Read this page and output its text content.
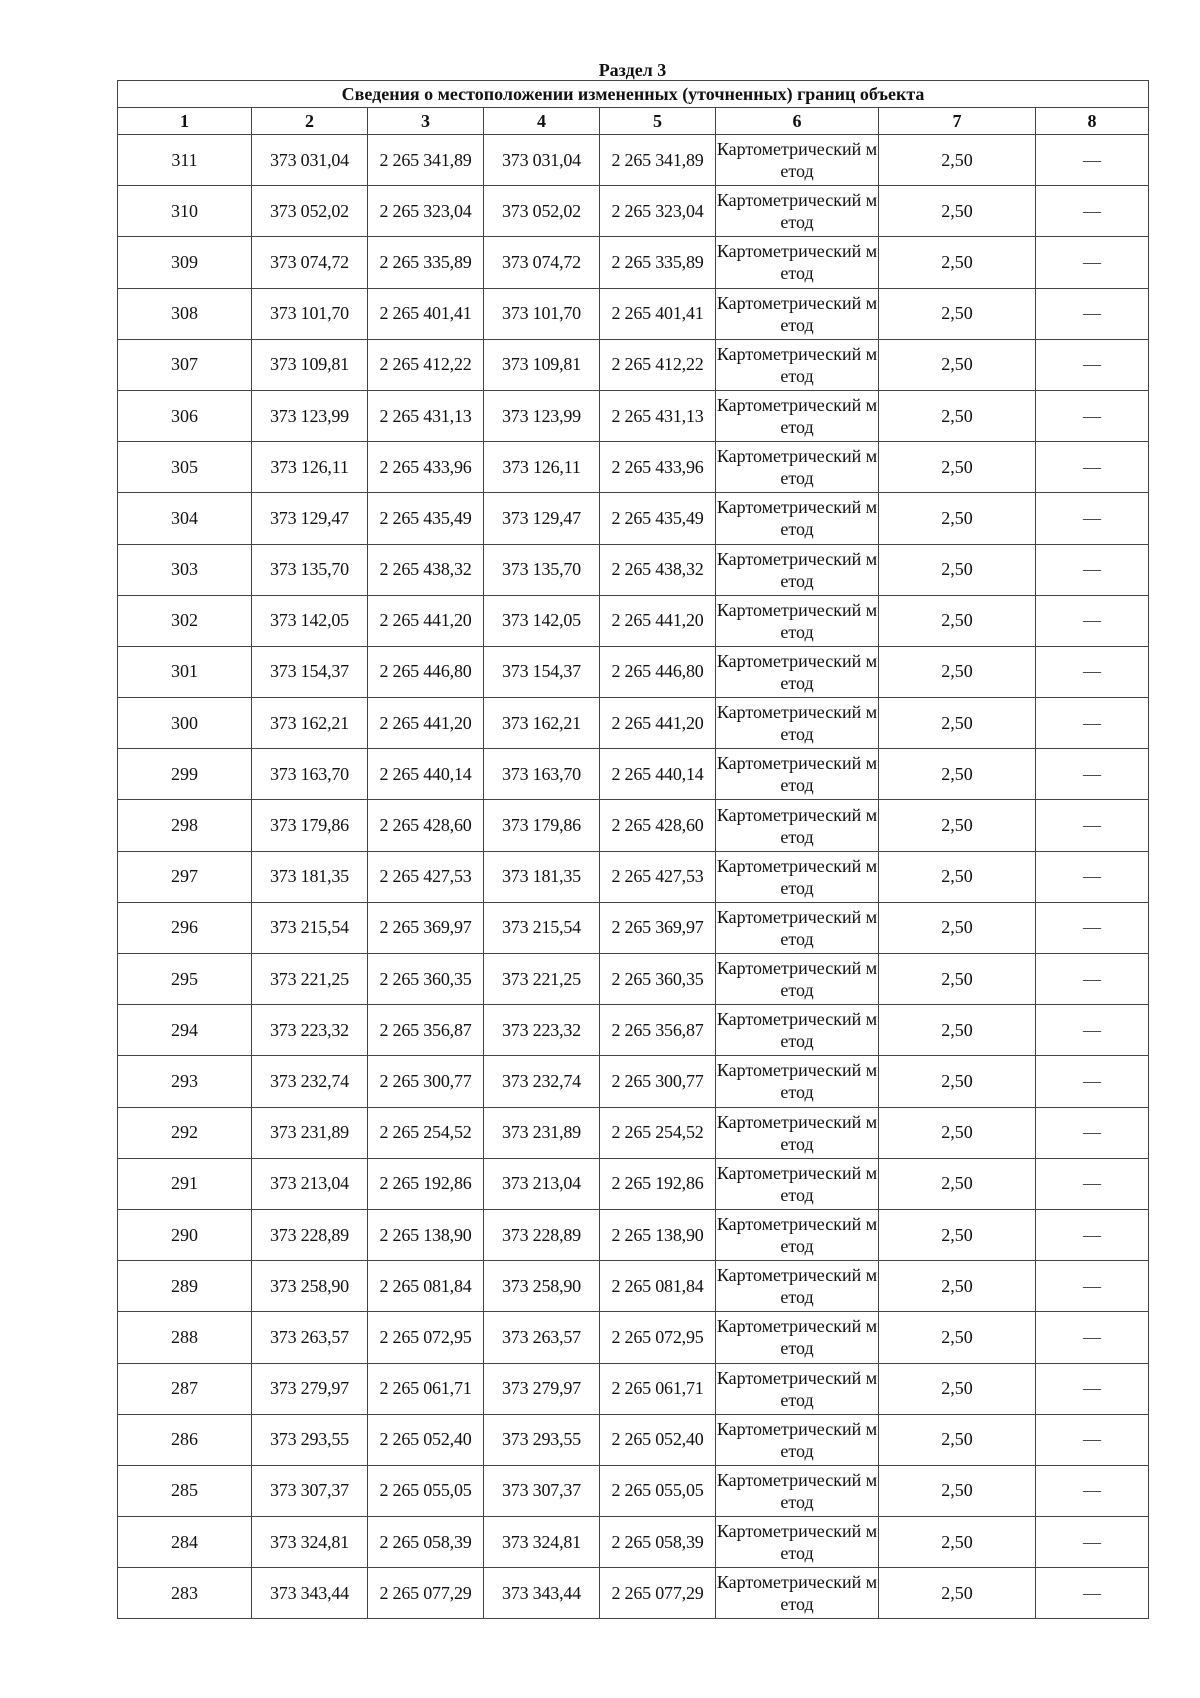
Раздел 3
Сведения о местоположении измененных (уточненных) границ объекта							
1	2	3	4	5	6	7	8
311	373 031,04	2 265 341,89	373 031,04	2 265 341,89	Картометрический метод	2,50	—
310	373 052,02	2 265 323,04	373 052,02	2 265 323,04	Картометрический метод	2,50	—
309	373 074,72	2 265 335,89	373 074,72	2 265 335,89	Картометрический метод	2,50	—
308	373 101,70	2 265 401,41	373 101,70	2 265 401,41	Картометрический метод	2,50	—
307	373 109,81	2 265 412,22	373 109,81	2 265 412,22	Картометрический метод	2,50	—
306	373 123,99	2 265 431,13	373 123,99	2 265 431,13	Картометрический метод	2,50	—
305	373 126,11	2 265 433,96	373 126,11	2 265 433,96	Картометрический метод	2,50	—
304	373 129,47	2 265 435,49	373 129,47	2 265 435,49	Картометрический метод	2,50	—
303	373 135,70	2 265 438,32	373 135,70	2 265 438,32	Картометрический метод	2,50	—
302	373 142,05	2 265 441,20	373 142,05	2 265 441,20	Картометрический метод	2,50	—
301	373 154,37	2 265 446,80	373 154,37	2 265 446,80	Картометрический метод	2,50	—
300	373 162,21	2 265 441,20	373 162,21	2 265 441,20	Картометрический метод	2,50	—
299	373 163,70	2 265 440,14	373 163,70	2 265 440,14	Картометрический метод	2,50	—
298	373 179,86	2 265 428,60	373 179,86	2 265 428,60	Картометрический метод	2,50	—
297	373 181,35	2 265 427,53	373 181,35	2 265 427,53	Картометрический метод	2,50	—
296	373 215,54	2 265 369,97	373 215,54	2 265 369,97	Картометрический метод	2,50	—
295	373 221,25	2 265 360,35	373 221,25	2 265 360,35	Картометрический метод	2,50	—
294	373 223,32	2 265 356,87	373 223,32	2 265 356,87	Картометрический метод	2,50	—
293	373 232,74	2 265 300,77	373 232,74	2 265 300,77	Картометрический метод	2,50	—
292	373 231,89	2 265 254,52	373 231,89	2 265 254,52	Картометрический метод	2,50	—
291	373 213,04	2 265 192,86	373 213,04	2 265 192,86	Картометрический метод	2,50	—
290	373 228,89	2 265 138,90	373 228,89	2 265 138,90	Картометрический метод	2,50	—
289	373 258,90	2 265 081,84	373 258,90	2 265 081,84	Картометрический метод	2,50	—
288	373 263,57	2 265 072,95	373 263,57	2 265 072,95	Картометрический метод	2,50	—
287	373 279,97	2 265 061,71	373 279,97	2 265 061,71	Картометрический метод	2,50	—
286	373 293,55	2 265 052,40	373 293,55	2 265 052,40	Картометрический метод	2,50	—
285	373 307,37	2 265 055,05	373 307,37	2 265 055,05	Картометрический метод	2,50	—
284	373 324,81	2 265 058,39	373 324,81	2 265 058,39	Картометрический метод	2,50	—
283	373 343,44	2 265 077,29	373 343,44	2 265 077,29	Картометрический метод	2,50	—
